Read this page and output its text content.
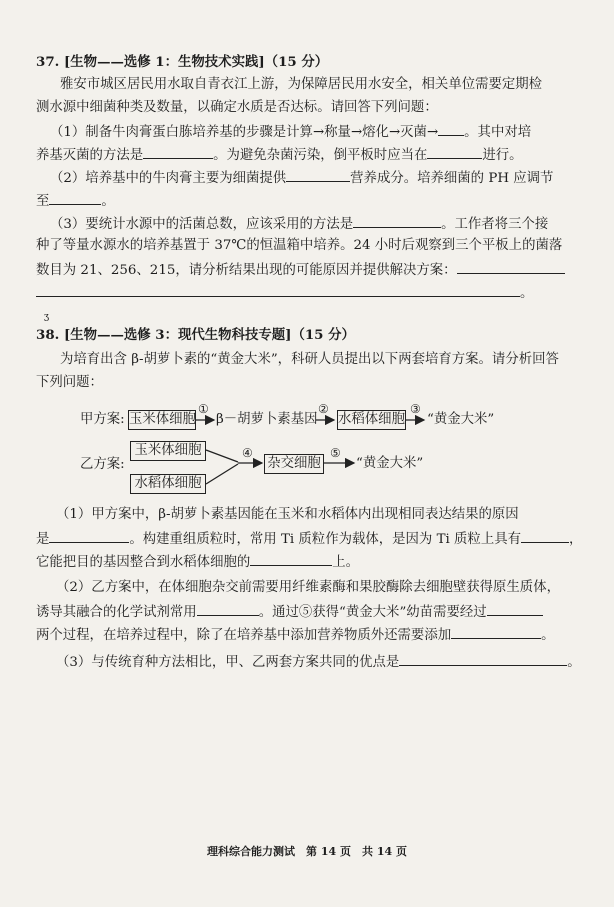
37. [生物——选修 1：生物技术实践]（15 分）
雅安市城区居民用水取自青衣江上游，为保障居民用水安全，相关单位需要定期检
测水源中细菌种类及数量，以确定水质是否达标。请回答下列问题：
（1）制备牛肉膏蛋白胨培养基的步骤是计算→称量→熔化→灭菌→ 。其中对培
养基灭菌的方法是	。为避免杂菌污染，倒平板时应当在	进行。
（2）培养基中的牛肉膏主要为细菌提供	营养成分。培养细菌的 PH 应调节
至	。
（3）要统计水源中的活菌总数，应该采用的方法是	。工作者将三个接
种了等量水源水的培养基置于 37℃的恒温箱中培养。24 小时后观察到三个平板上的菌落
数目为 21、256、215，请分析结果出现的可能原因并提供解决方案：
。
ʒ
38. [生物——选修 3：现代生物科技专题]（15 分）
为培育出含 β-胡萝卜素的“黄金大米”，科研人员提出以下两套培育方案。请分析回答
下列问题：
甲方案: 玉米体细胞
①
β－胡萝卜素基因
②
水稻体细胞
③
“黄金大米”
乙方案:
玉米体细胞
水稻体细胞
④
杂交细胞
⑤
“黄金大米”
（1）甲方案中，β-胡萝卜素基因能在玉米和水稻体内出现相同表达结果的原因
是	。构建重组质粒时，常用 Ti 质粒作为载体，是因为 Ti 质粒上具有	，
它能把目的基因整合到水稻体细胞的	上。
（2）乙方案中，在体细胞杂交前需要用纤维素酶和果胶酶除去细胞壁获得原生质体，
诱导其融合的化学试剂常用	。通过⑤获得“黄金大米”幼苗需要经过
两个过程，在培养过程中，除了在培养基中添加营养物质外还需要添加	。
（3）与传统育种方法相比，甲、乙两套方案共同的优点是	。
理科综合能力测试　第 14 页　共 14 页
